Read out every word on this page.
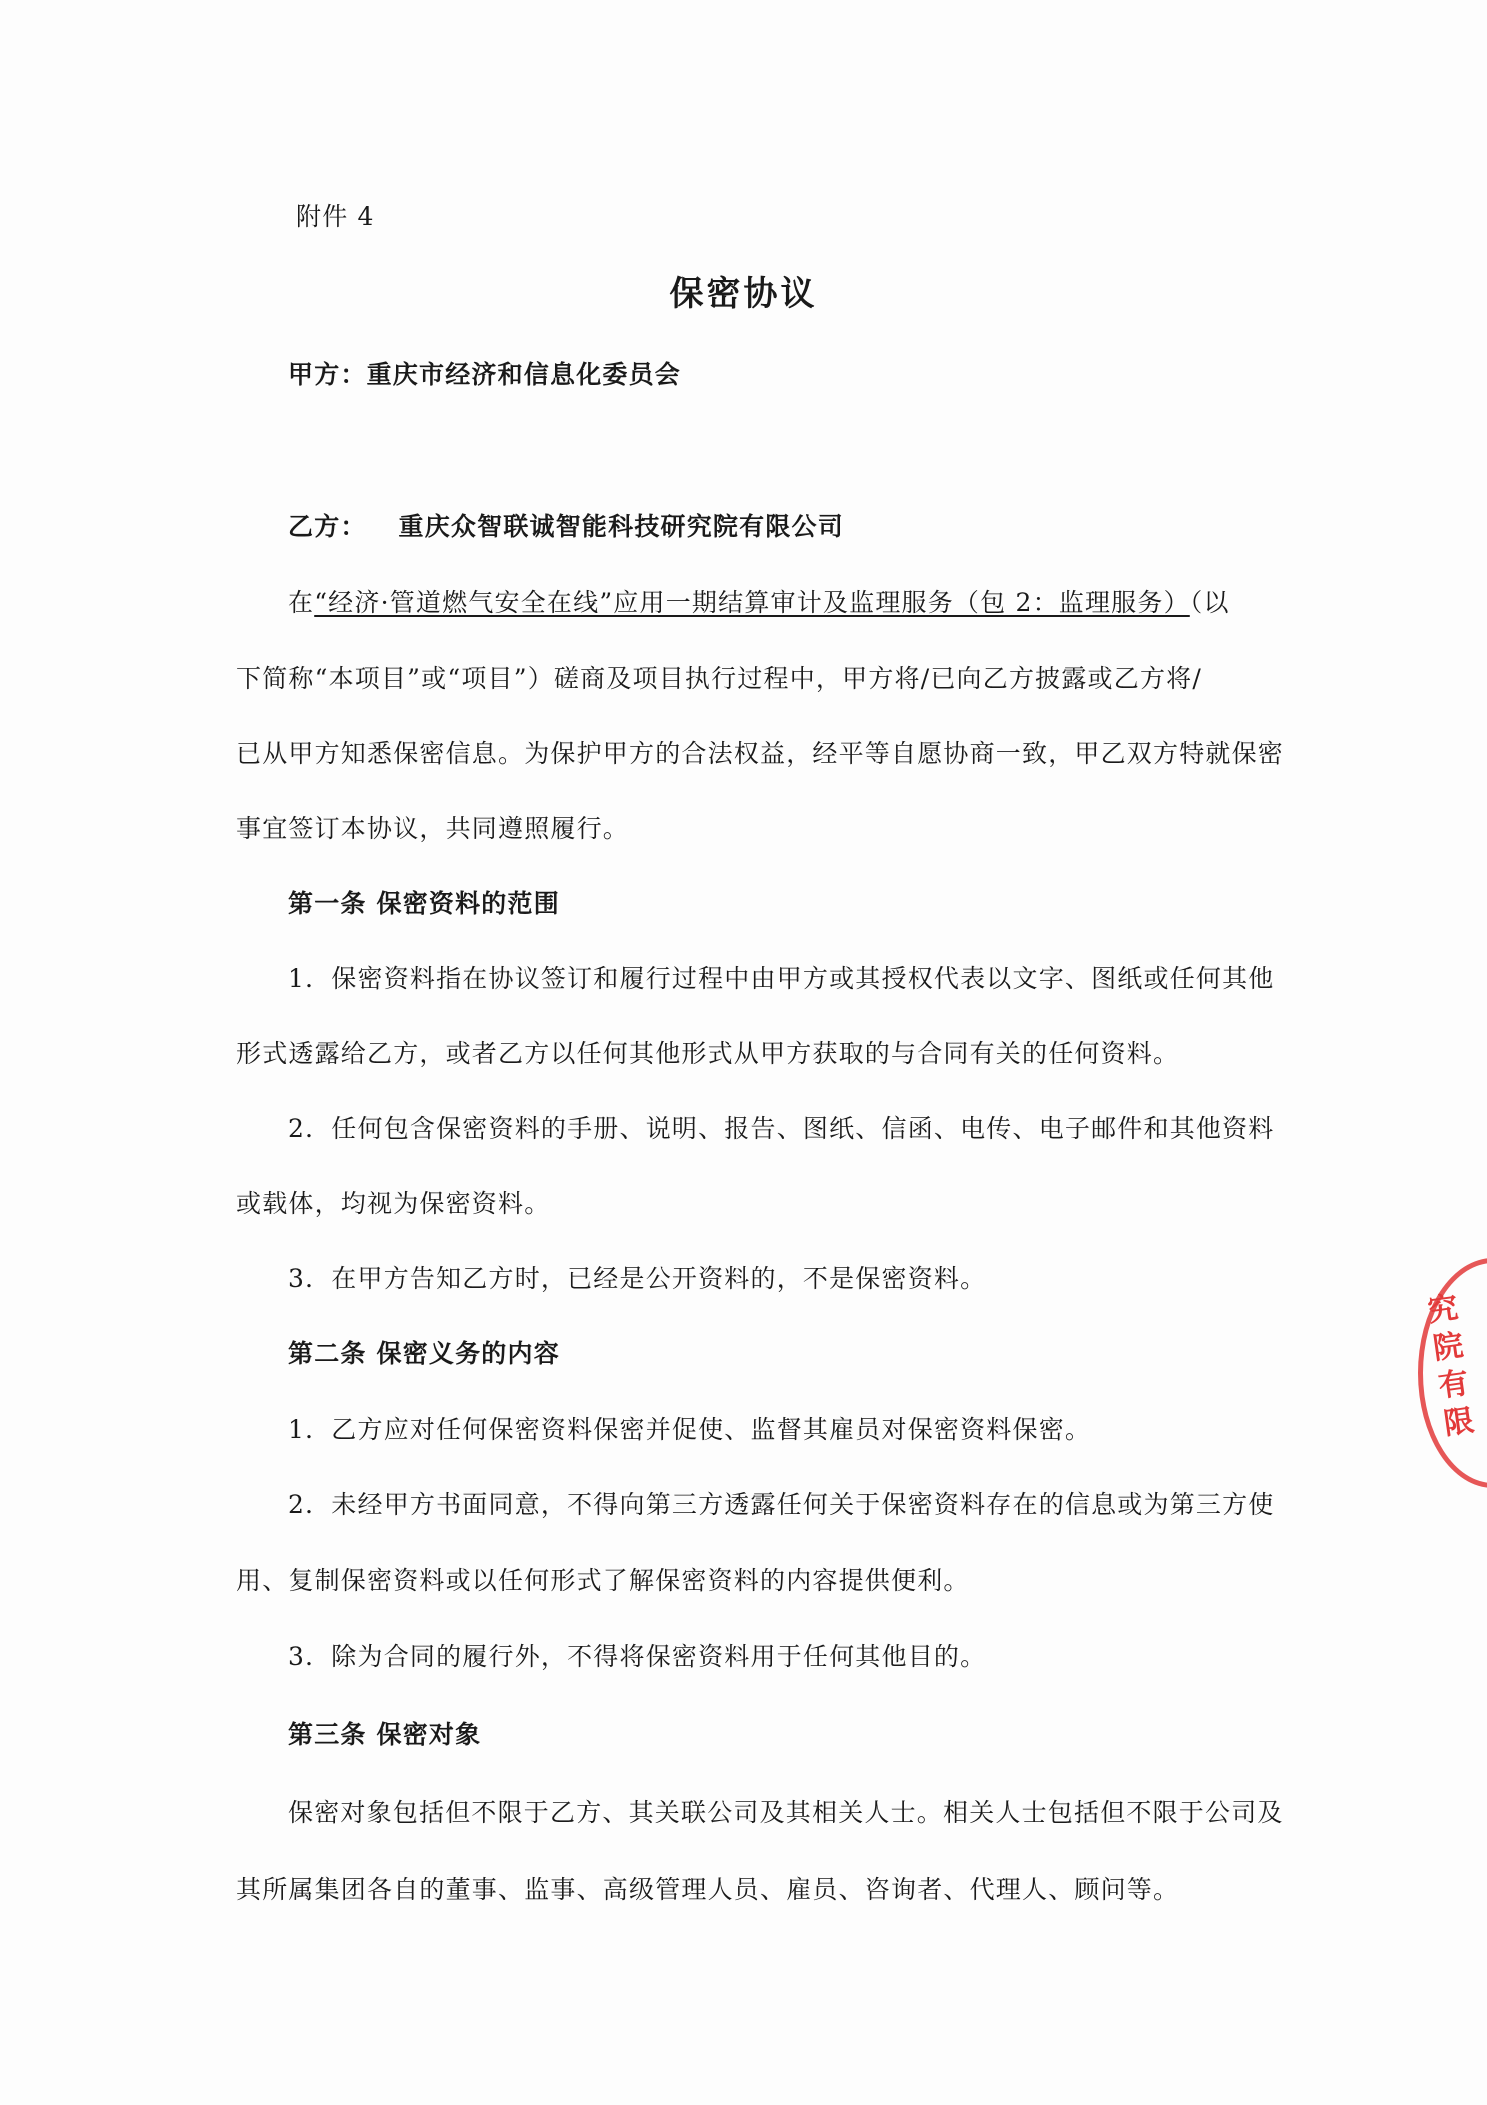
附件 4
保密协议
甲方：重庆市经济和信息化委员会
乙方： 重庆众智联诚智能科技研究院有限公司
在“经济·管道燃气安全在线”应用一期结算审计及监理服务（包 2：监理服务）（以
下简称“本项目”或“项目”）磋商及项目执行过程中，甲方将/已向乙方披露或乙方将/
已从甲方知悉保密信息。为保护甲方的合法权益，经平等自愿协商一致，甲乙双方特就保密
事宜签订本协议，共同遵照履行。
第一条 保密资料的范围
1．保密资料指在协议签订和履行过程中由甲方或其授权代表以文字、图纸或任何其他
形式透露给乙方，或者乙方以任何其他形式从甲方获取的与合同有关的任何资料。
2．任何包含保密资料的手册、说明、报告、图纸、信函、电传、电子邮件和其他资料
或载体，均视为保密资料。
3．在甲方告知乙方时，已经是公开资料的，不是保密资料。
第二条 保密义务的内容
1．乙方应对任何保密资料保密并促使、监督其雇员对保密资料保密。
2．未经甲方书面同意，不得向第三方透露任何关于保密资料存在的信息或为第三方使
用、复制保密资料或以任何形式了解保密资料的内容提供便利。
3．除为合同的履行外，不得将保密资料用于任何其他目的。
第三条 保密对象
保密对象包括但不限于乙方、其关联公司及其相关人士。相关人士包括但不限于公司及
其所属集团各自的董事、监事、高级管理人员、雇员、咨询者、代理人、顾问等。
究院有限
